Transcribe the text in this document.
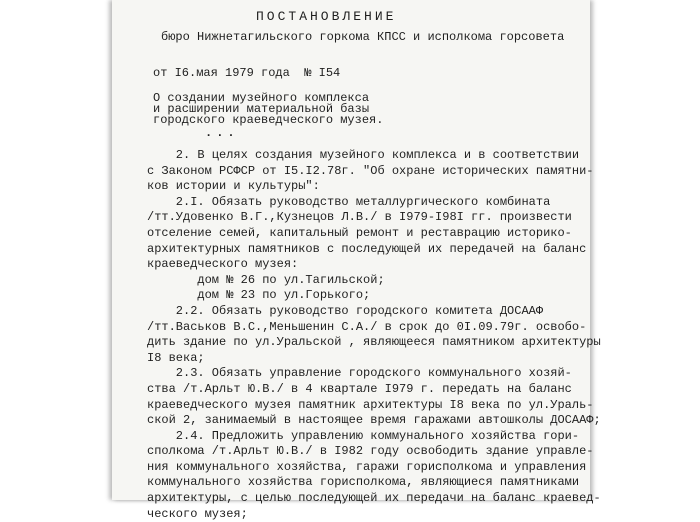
ПОСТАНОВЛЕНИЕ
бюро Нижнетагильского горкома КПСС и исполкома горсовета
от I6.мая 1979 года  № I54
О создании музейного комплекса
и расширении материальной базы
городского краеведческого музея.
...
2. В целях создания музейного комплекса и в соответствии
с Законом РСФСР от I5.I2.78г. "Об охране исторических памятни-
ков истории и культуры":
2.I. Обязать руководство металлургического комбината
/тт.Удовенко В.Г.,Кузнецов Л.В./ в I979-I98I гг. произвести
отселение семей, капитальный ремонт и реставрацию историко-
архитектурных памятников с последующей их передачей на баланс
краеведческого музея:
дом № 26 по ул.Тагильской;
дом № 23 по ул.Горького;
2.2. Обязать руководство городского комитета ДОСААФ
/тт.Васьков В.С.,Меньшенин С.А./ в срок до 0I.09.79г. освобо-
дить здание по ул.Уральской , являющееся памятником архитектуры
I8 века;
2.3. Обязать управление городского коммунального хозяй-
ства /т.Арльт Ю.В./ в 4 квартале I979 г. передать на баланс
краеведческого музея памятник архитектуры I8 века по ул.Ураль-
ской 2, занимаемый в настоящее время гаражами автошколы ДОСААФ;
2.4. Предложить управлению коммунального хозяйства гори-
сполкома /т.Арльт Ю.В./ в I982 году освободить здание управле-
ния коммунального хозяйства, гаражи горисполкома и управления
коммунального хозяйства горисполкома, являющиеся памятниками
архитектуры, с целью последующей их передачи на баланс краевед-
ческого музея;
